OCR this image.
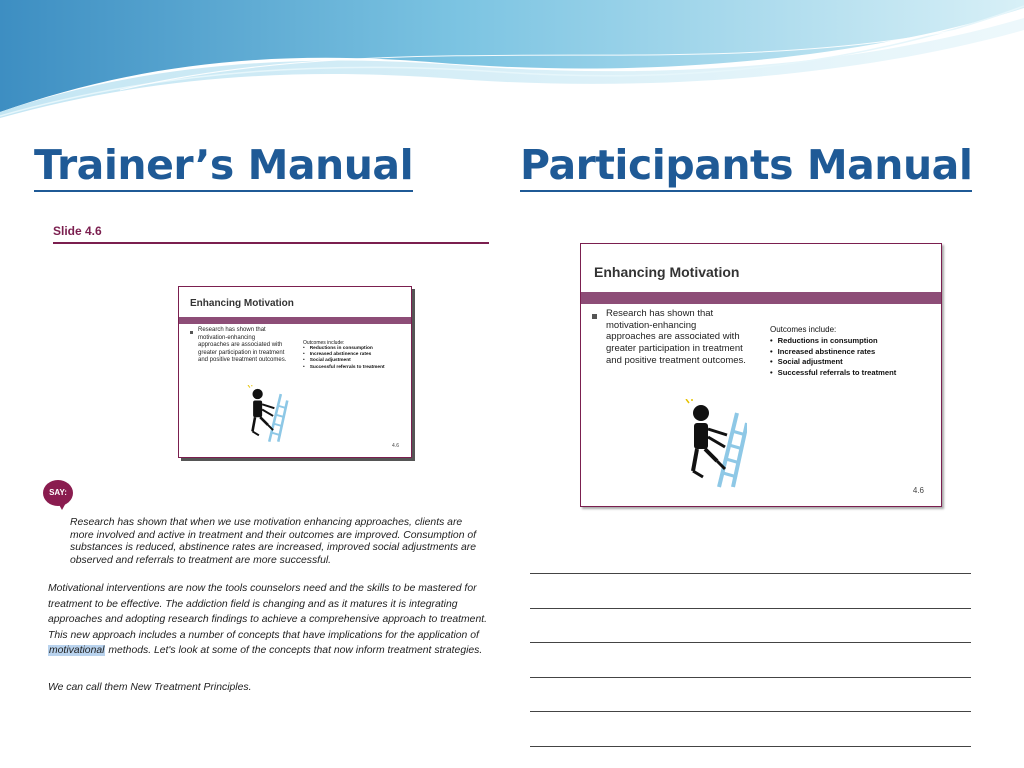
Trainer’s Manual	Participants Manual
Slide 4.6
Enhancing Motivation
Research has shown that
motivation-enhancing
approaches are associated with
greater participation in treatment
and positive treatment outcomes.
Outcomes include:
• Reductions in consumption
• Increased abstinence rates
• Social adjustment
• Successful referrals to treatment
4.6
SAY:

Research has shown that when we use motivation enhancing approaches, clients are more involved and active in treatment and their outcomes are improved. Consumption of substances is reduced, abstinence rates are increased, improved social adjustments are observed and referrals to treatment are more successful.

Motivational interventions are now the tools counselors need and the skills to be mastered for treatment to be effective. The addiction field is changing and as it matures it is integrating approaches and adopting research findings to achieve a comprehensive approach to treatment. This new approach includes a number of concepts that have implications for the application of motivational methods. Let's look at some of the concepts that now inform treatment strategies.

We can call them New Treatment Principles.

Enhancing Motivation
Research has shown that
motivation-enhancing
approaches are associated with
greater participation in treatment
and positive treatment outcomes.
Outcomes include:
• Reductions in consumption
• Increased abstinence rates
• Social adjustment
• Successful referrals to treatment
4.6
